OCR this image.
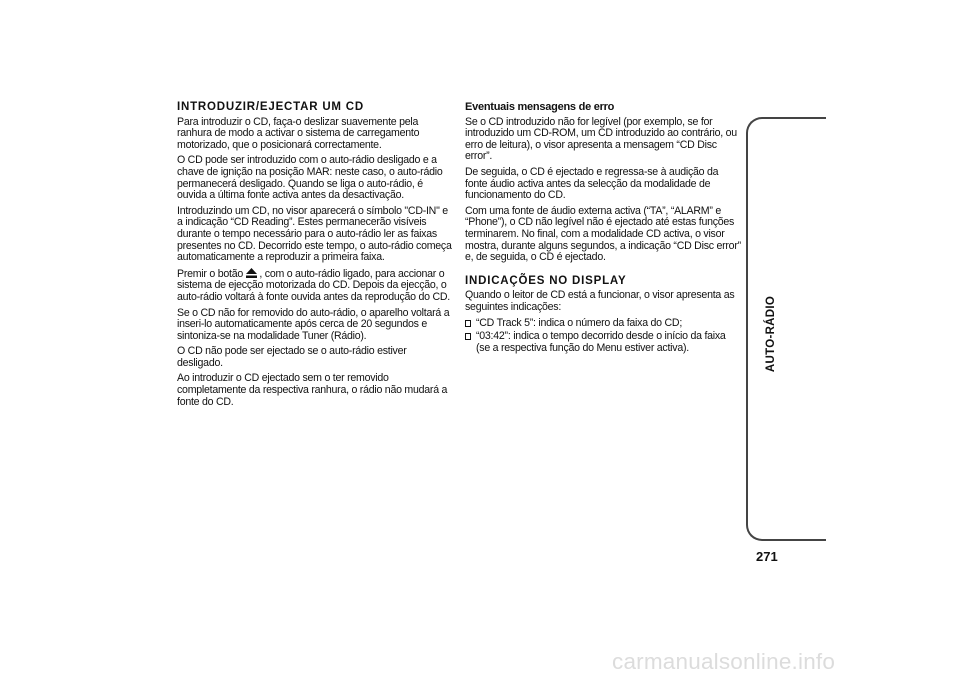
INTRODUZIR/EJECTAR UM CD

Para introduzir o CD, faça-o deslizar suavemente pela ranhura de modo a activar o sistema de carregamento motorizado, que o posicionará correctamente.

O CD pode ser introduzido com o auto-rádio desligado e a chave de ignição na posição MAR: neste caso, o auto-rádio permanecerá desligado. Quando se liga o auto-rádio, é ouvida a última fonte activa antes da desactivação.

Introduzindo um CD, no visor aparecerá o símbolo "CD-IN" e a indicação “CD Reading”. Estes permanecerão visíveis durante o tempo necessário para o auto-rádio ler as faixas presentes no CD. Decorrido este tempo, o auto-rádio começa automaticamente a reproduzir a primeira faixa.

Premir o botão  , com o auto-rádio ligado, para accionar o sistema de ejecção motorizada do CD. Depois da ejecção, o auto-rádio voltará à fonte ouvida antes da reprodução do CD.

Se o CD não for removido do auto-rádio, o aparelho voltará a inseri-lo automaticamente após cerca de 20 segundos e sintoniza-se na modalidade Tuner (Rádio).

O CD não pode ser ejectado se o auto-rádio estiver desligado.

Ao introduzir o CD ejectado sem o ter removido completamente da respectiva ranhura, o rádio não mudará a fonte do CD.

Eventuais mensagens de erro

Se o CD introduzido não for legível (por exemplo, se for introduzido um CD-ROM, um CD introduzido ao contrário, ou erro de leitura), o visor apresenta a mensagem “CD Disc error”.

De seguida, o CD é ejectado e regressa-se à audição da fonte áudio activa antes da selecção da modalidade de funcionamento do CD.

Com uma fonte de áudio externa activa (“TA”, “ALARM” e “Phone”), o CD não legível não é ejectado até estas funções terminarem. No final, com a modalidade CD activa, o visor mostra, durante alguns segundos, a indicação “CD Disc error” e, de seguida, o CD é ejectado.

INDICAÇÕES NO DISPLAY

Quando o leitor de CD está a funcionar, o visor apresenta as seguintes indicações:

“CD Track 5”: indica o número da faixa do CD;
“03:42”: indica o tempo decorrido desde o início da faixa (se a respectiva função do Menu estiver activa).	AUTO-RÁDIO
271
carmanualsonline.info
